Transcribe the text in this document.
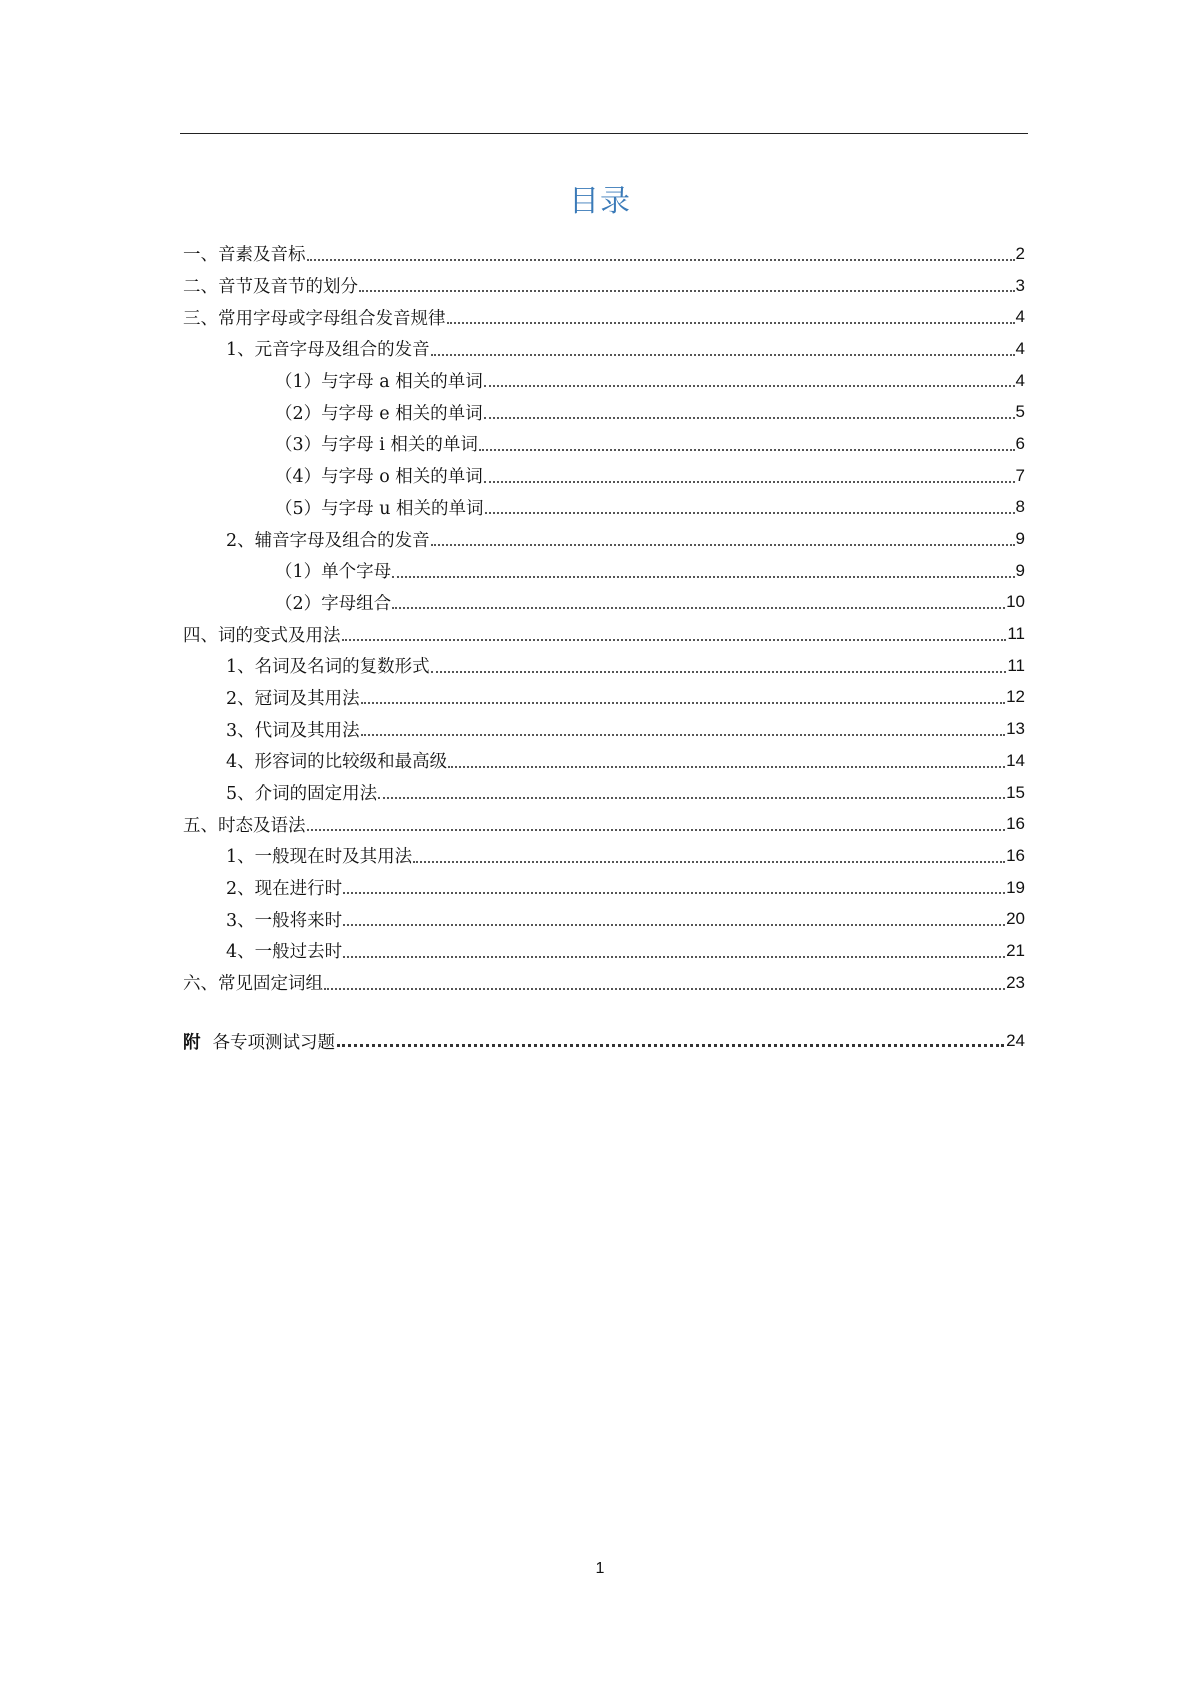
目录
一、音素及音标	2
二、音节及音节的划分	3
三、常用字母或字母组合发音规律	4
1、元音字母及组合的发音	4
（1）与字母 a 相关的单词	4
（2）与字母 e 相关的单词	5
（3）与字母 i 相关的单词	6
（4）与字母 o 相关的单词	7
（5）与字母 u 相关的单词	8
2、辅音字母及组合的发音	9
（1）单个字母	9
（2）字母组合	10
四、词的变式及用法	11
1、名词及名词的复数形式	11
2、冠词及其用法	12
3、代词及其用法	13
4、形容词的比较级和最高级	14
5、介词的固定用法	15
五、时态及语法	16
1、一般现在时及其用法	16
2、现在进行时	19
3、一般将来时	20
4、一般过去时	21
六、常见固定词组	23
附 各专项测试习题	24
1
